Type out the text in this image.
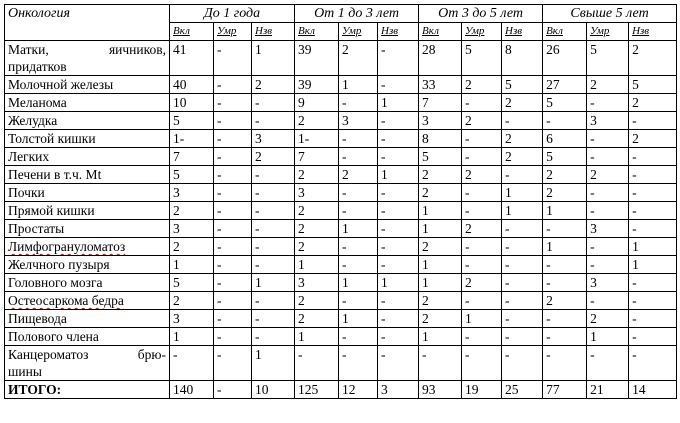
Онкология	До 1 года			От 1 до 3 лет			От 3 до 5 лет			Свыше 5 лет		
	Вкл	Умр	Нзв	Вкл	Умр	Нзв	Вкл	Умр	Нзв	Вкл	Умр	Нзв

Матки, яичников,
придатков	41	-	1	39	2	-	28	5	8	26	5	2
Молочной железы	40	-	2	39	1	-	33	2	5	27	2	5
Меланома	10	-	-	9	-	1	7	-	2	5	-	2
Желудка	5	-	-	2	3	-	3	2	-	-	3	-
Толстой кишки	1-	-	3	1-	-	-	8	-	2	6	-	2
Легких	7	-	2	7	-	-	5	-	2	5	-	-
Печени в т.ч. Mt	5	-	-	2	2	1	2	2	-	2	2	-
Почки	3	-	-	3	-	-	2	-	1	2	-	-
Прямой кишки	2	-	-	2	-	-	1	-	1	1	-	-
Простаты	3	-	-	2	1	-	1	2	-	-	3	-
Лимфогрануломатоз	2	-	-	2	-	-	2	-	-	1	-	1
Желчного пузыря	1	-	-	1	-	-	1	-	-	-	-	1
Головного мозга	5	-	1	3	1	1	1	2	-	-	3	-
Остеосаркома бедра	2	-	-	2	-	-	2	-	-	2	-	-
Пищевода	3	-	-	2	1	-	2	1	-	-	2	-
Полового члена	1	-	-	1	-	-	1	-	-	-	1	-

Канцероматоз брю-
шины	-	-	1	-	-	-	-	-	-	-	-	-
ИТОГО:	140	-	10	125	12	3	93	19	25	77	21	14
